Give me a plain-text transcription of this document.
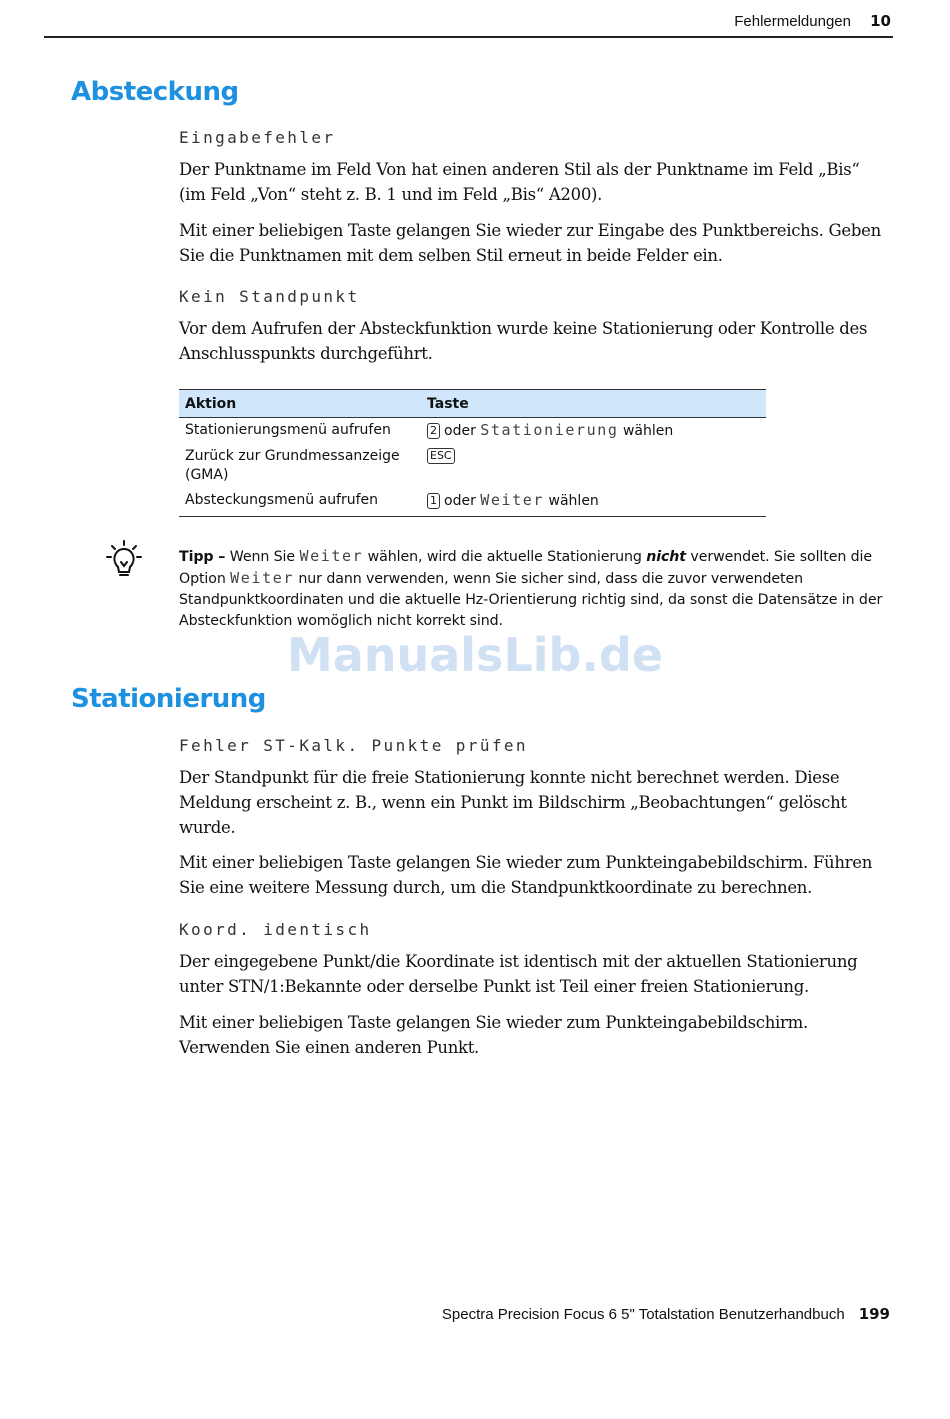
Fehlermeldungen 10
Absteckung
Eingabefehler
Der Punktname im Feld Von hat einen anderen Stil als der Punktname im Feld „Bis“ (im Feld „Von“ steht z. B. 1 und im Feld „Bis“ A200).
Mit einer beliebigen Taste gelangen Sie wieder zur Eingabe des Punktbereichs. Geben Sie die Punktnamen mit dem selben Stil erneut in beide Felder ein.
Kein Standpunkt
Vor dem Aufrufen der Absteckfunktion wurde keine Stationierung oder Kontrolle des Anschlusspunkts durchgeführt.
Aktion	Taste
Stationierungsmenü aufrufen	2 oder Stationierung wählen
Zurück zur Grundmessanzeige (GMA)	ESC
Absteckungsmenü aufrufen	1 oder Weiter wählen
Tipp – Wenn Sie Weiter wählen, wird die aktuelle Stationierung nicht verwendet. Sie sollten die Option Weiter nur dann verwenden, wenn Sie sicher sind, dass die zuvor verwendeten Standpunktkoordinaten und die aktuelle Hz-Orientierung richtig sind, da sonst die Datensätze in der Absteckfunktion womöglich nicht korrekt sind.
ManualsLib.de
Stationierung
Fehler ST-Kalk. Punkte prüfen
Der Standpunkt für die freie Stationierung konnte nicht berechnet werden. Diese Meldung erscheint z. B., wenn ein Punkt im Bildschirm „Beobachtungen“ gelöscht wurde.
Mit einer beliebigen Taste gelangen Sie wieder zum Punkteingabebildschirm. Führen Sie eine weitere Messung durch, um die Standpunktkoordinate zu berechnen.
Koord. identisch
Der eingegebene Punkt/die Koordinate ist identisch mit der aktuellen Stationierung unter STN/1:Bekannte oder derselbe Punkt ist Teil einer freien Stationierung.
Mit einer beliebigen Taste gelangen Sie wieder zum Punkteingabebildschirm. Verwenden Sie einen anderen Punkt.
Spectra Precision Focus 6 5" Totalstation Benutzerhandbuch 199
